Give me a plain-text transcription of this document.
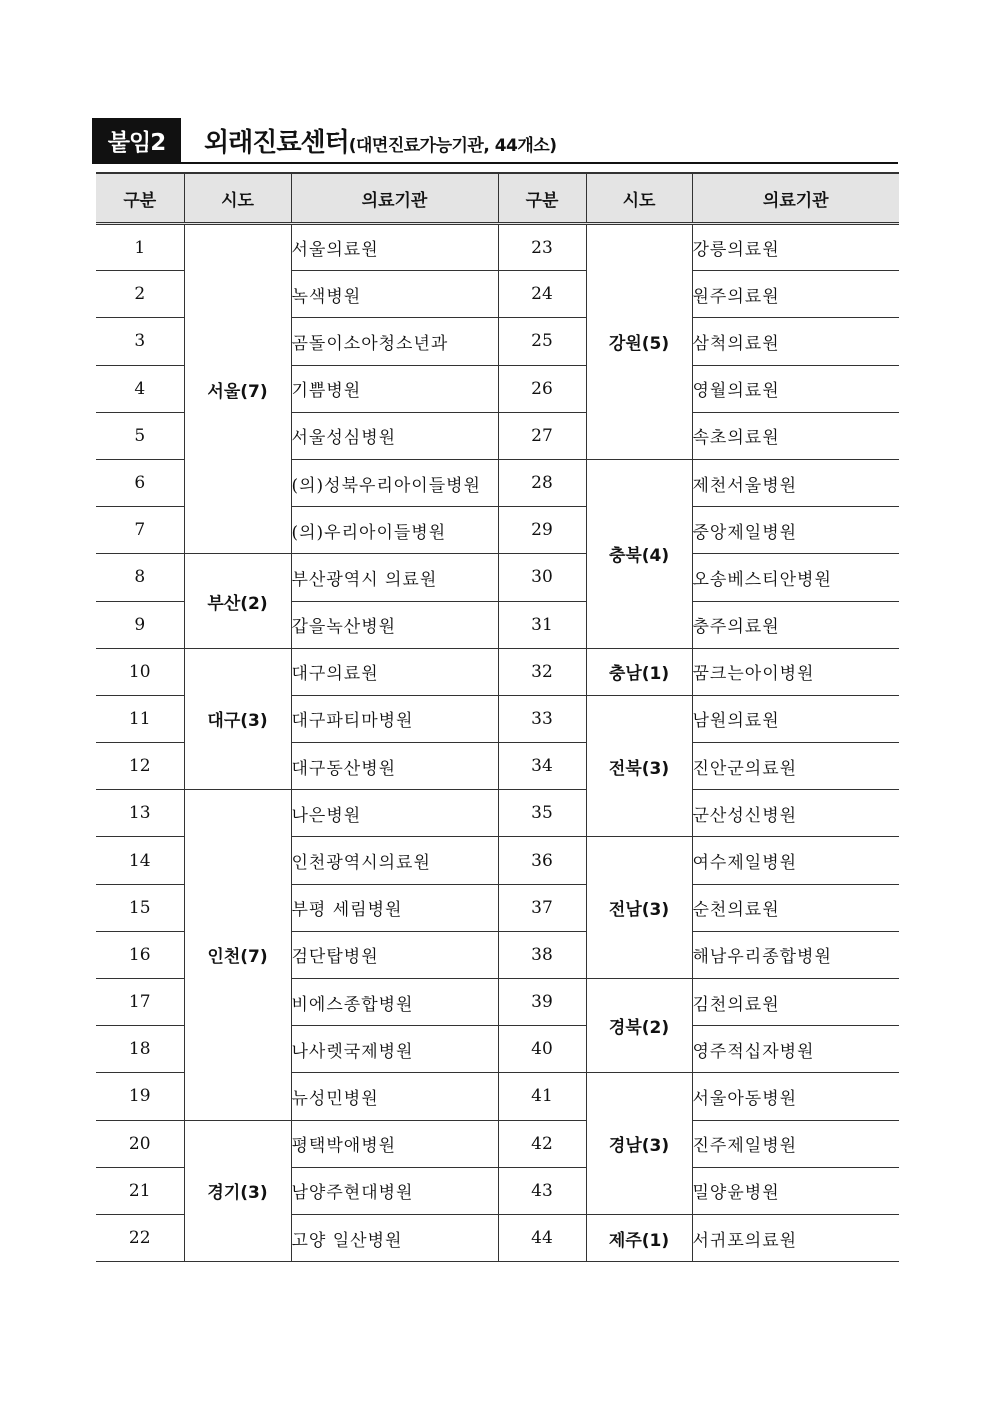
붙임2	외래진료센터(대면진료가능기관, 44개소)
구분	시도	의료기관	구분	시도	의료기관
1	서울(7)	서울의료원	23	강원(5)	강릉의료원
2		녹색병원	24		원주의료원
3		곰돌이소아청소년과	25		삼척의료원
4		기쁨병원	26		영월의료원
5		서울성심병원	27		속초의료원
6		(의)성북우리아이들병원	28	충북(4)	제천서울병원
7		(의)우리아이들병원	29		중앙제일병원
8	부산(2)	부산광역시 의료원	30		오송베스티안병원
9		갑을녹산병원	31		충주의료원
10	대구(3)	대구의료원	32	충남(1)	꿈크는아이병원
11		대구파티마병원	33	전북(3)	남원의료원
12		대구동산병원	34		진안군의료원
13	인천(7)	나은병원	35		군산성신병원
14		인천광역시의료원	36	전남(3)	여수제일병원
15		부평 세림병원	37		순천의료원
16		검단탑병원	38		해남우리종합병원
17		비에스종합병원	39	경북(2)	김천의료원
18		나사렛국제병원	40		영주적십자병원
19		뉴성민병원	41	경남(3)	서울아동병원
20	경기(3)	평택박애병원	42		진주제일병원
21		남양주현대병원	43		밀양윤병원
22		고양 일산병원	44	제주(1)	서귀포의료원
